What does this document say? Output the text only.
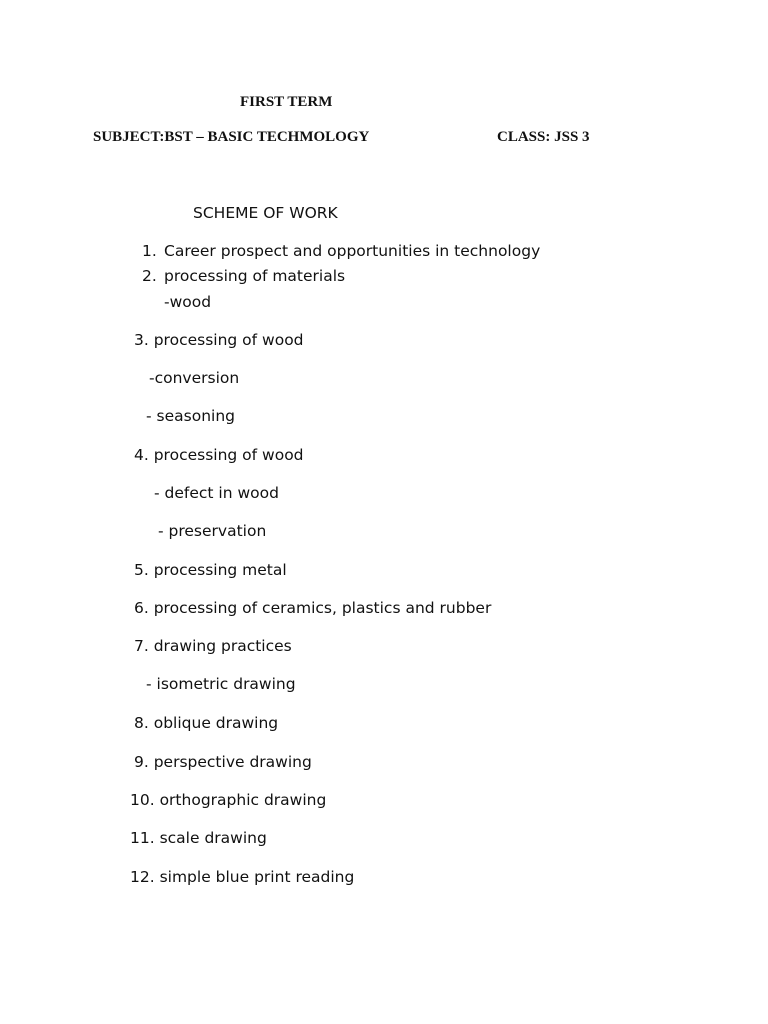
FIRST TERM
SUBJECT:BST – BASIC TECHMOLOGY	CLASS: JSS 3
SCHEME OF WORK
1. Career prospect and opportunities in technology
2. processing of materials
-wood
3. processing of wood
-conversion
- seasoning
4. processing of wood
- defect in wood
- preservation
5. processing metal
6. processing of ceramics, plastics and rubber
7. drawing practices
- isometric drawing
8. oblique drawing
9. perspective drawing
10. orthographic drawing
11. scale drawing
12. simple blue print reading
